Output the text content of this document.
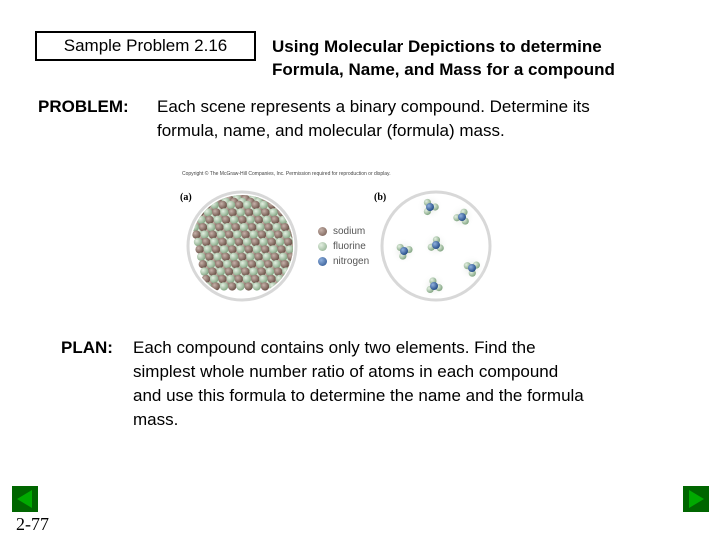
Sample Problem 2.16	Using Molecular Depictions to determine
Formula, Name, and Mass for a compound
PROBLEM: Each scene represents a binary compound. Determine its
formula, name, and molecular (formula) mass.
Copyright © The McGraw-Hill Companies, Inc. Permission required for reproduction or display.
(a)	(b)
sodium
fluorine
nitrogen
PLAN: Each compound contains only two elements. Find the
simplest whole number ratio of atoms in each compound
and use this formula to determine the name and the formula
mass.
2-77
